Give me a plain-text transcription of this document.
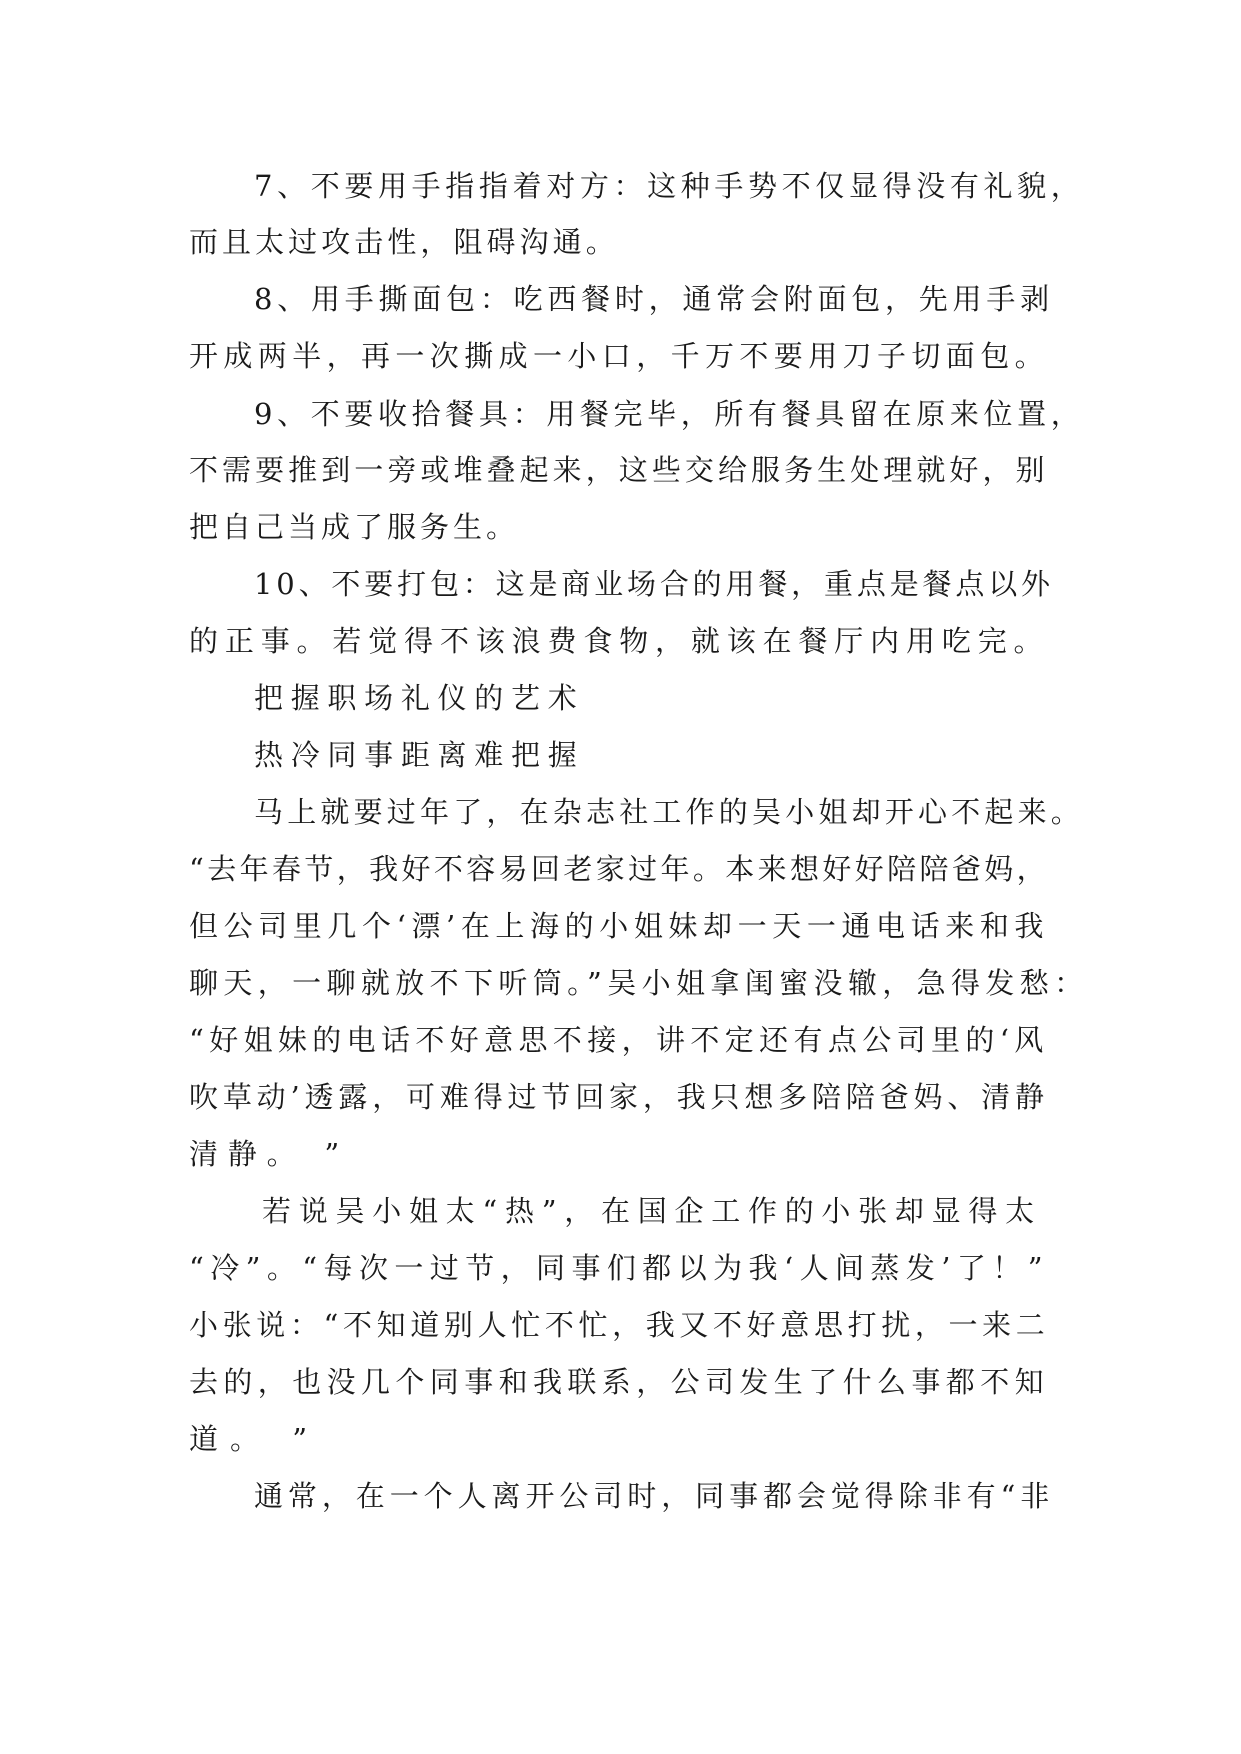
7、不要用手指指着对方：这种手势不仅显得没有礼貌，
而且太过攻击性，阻碍沟通。
8、用手撕面包：吃西餐时，通常会附面包，先用手剥
开成两半，再一次撕成一小口，千万不要用刀子切面包。
9、不要收拾餐具：用餐完毕，所有餐具留在原来位置，
不需要推到一旁或堆叠起来，这些交给服务生处理就好，别
把自己当成了服务生。
10、不要打包：这是商业场合的用餐，重点是餐点以外
的正事。若觉得不该浪费食物，就该在餐厅内用吃完。
把握职场礼仪的艺术
热冷同事距离难把握
马上就要过年了，在杂志社工作的吴小姐却开心不起来。
“去年春节，我好不容易回老家过年。本来想好好陪陪爸妈，
但公司里几个‘漂’在上海的小姐妹却一天一通电话来和我
聊天，一聊就放不下听筒。”吴小姐拿闺蜜没辙，急得发愁：
“好姐妹的电话不好意思不接，讲不定还有点公司里的‘风
吹草动’透露，可难得过节回家，我只想多陪陪爸妈、清静
清静。 ”
若说吴小姐太“热”，在国企工作的小张却显得太
“冷”。“每次一过节，同事们都以为我‘人间蒸发’了！”
小张说：“不知道别人忙不忙，我又不好意思打扰，一来二
去的，也没几个同事和我联系，公司发生了什么事都不知
道。 ”
通常，在一个人离开公司时，同事都会觉得除非有“非
